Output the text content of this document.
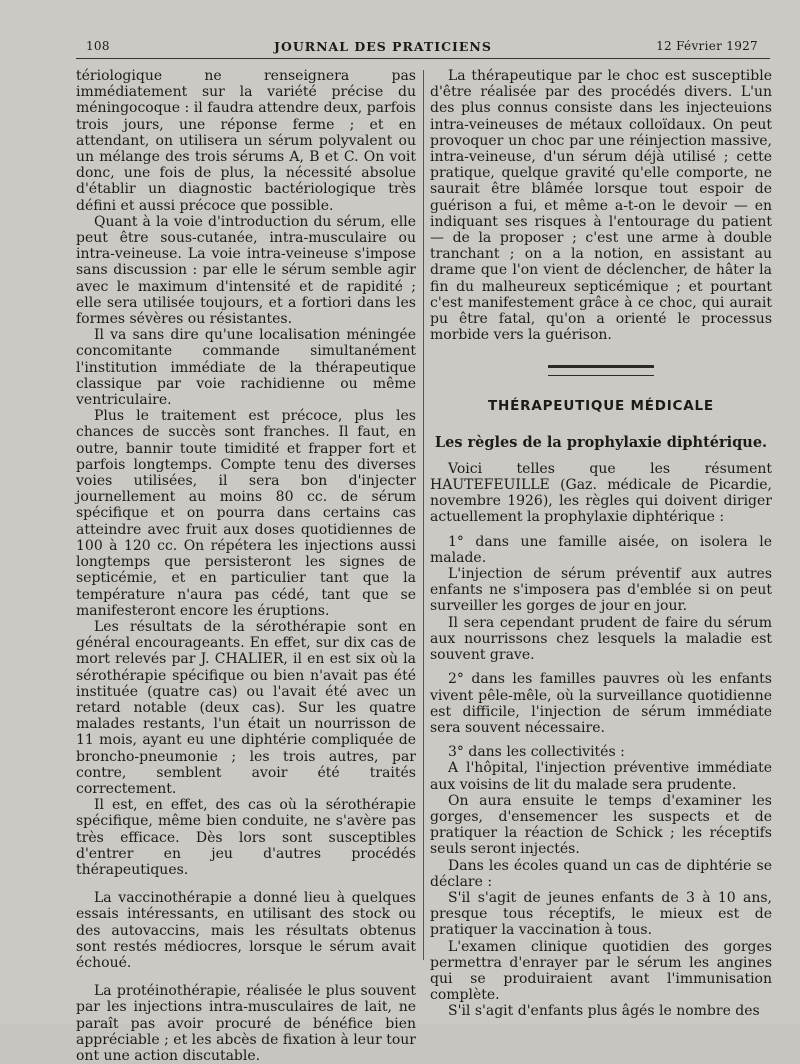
108	JOURNAL DES PRATICIENS	12 Février 1927

tériologique ne renseignera pas immédiatement sur la variété précise du méningocoque : il faudra attendre deux, parfois trois jours, une réponse ferme ; et en attendant, on utilisera un sérum polyvalent ou un mélange des trois sérums A, B et C. On voit donc, une fois de plus, la nécessité absolue d'établir un diagnostic bactériologique très défini et aussi précoce que possible.

Quant à la voie d'introduction du sérum, elle peut être sous-cutanée, intra-musculaire ou intra-veineuse. La voie intra-veineuse s'impose sans discussion : par elle le sérum semble agir avec le maximum d'intensité et de rapidité ; elle sera utilisée toujours, et a fortiori dans les formes sévères ou résistantes.

Il va sans dire qu'une localisation méningée concomitante commande simultanément l'institution immédiate de la thérapeutique classique par voie rachidienne ou même ventriculaire.

Plus le traitement est précoce, plus les chances de succès sont franches. Il faut, en outre, bannir toute timidité et frapper fort et parfois longtemps. Compte tenu des diverses voies utilisées, il sera bon d'injecter journellement au moins 80 cc. de sérum spécifique et on pourra dans certains cas atteindre avec fruit aux doses quotidiennes de 100 à 120 cc. On répétera les injections aussi longtemps que persisteront les signes de septicémie, et en particulier tant que la température n'aura pas cédé, tant que se manifesteront encore les éruptions.

Les résultats de la sérothérapie sont en général encourageants. En effet, sur dix cas de mort relevés par J. CHALIER, il en est six où la sérothérapie spécifique ou bien n'avait pas été instituée (quatre cas) ou l'avait été avec un retard notable (deux cas). Sur les quatre malades restants, l'un était un nourrisson de 11 mois, ayant eu une diphtérie compliquée de broncho-pneumonie ; les trois autres, par contre, semblent avoir été traités correctement.

Il est, en effet, des cas où la sérothérapie spécifique, même bien conduite, ne s'avère pas très efficace. Dès lors sont susceptibles d'entrer en jeu d'autres procédés thérapeutiques.

La vaccinothérapie a donné lieu à quelques essais intéressants, en utilisant des stock ou des autovaccins, mais les résultats obtenus sont restés médiocres, lorsque le sérum avait échoué.

La protéinothérapie, réalisée le plus souvent par les injections intra-musculaires de lait, ne paraît pas avoir procuré de bénéfice bien appréciable ; et les abcès de fixation à leur tour ont une action discutable.

La thérapeutique par le choc est susceptible d'être réalisée par des procédés divers. L'un des plus connus consiste dans les injecteuions intra-veineuses de métaux colloïdaux. On peut provoquer un choc par une réinjection massive, intra-veineuse, d'un sérum déjà utilisé ; cette pratique, quelque gravité qu'elle comporte, ne saurait être blâmée lorsque tout espoir de guérison a fui, et même a-t-on le devoir — en indiquant ses risques à l'entourage du patient — de la proposer ; c'est une arme à double tranchant ; on a la notion, en assistant au drame que l'on vient de déclencher, de hâter la fin du malheureux septicémique ; et pourtant c'est manifestement grâce à ce choc, qui aurait pu être fatal, qu'on a orienté le processus morbide vers la guérison.

THÉRAPEUTIQUE MÉDICALE
Les règles de la prophylaxie diphtérique.

Voici telles que les résument HAUTEFEUILLE (Gaz. médicale de Picardie, novembre 1926), les règles qui doivent diriger actuellement la prophylaxie diphtérique :

1° dans une famille aisée, on isolera le malade.

L'injection de sérum préventif aux autres enfants ne s'imposera pas d'emblée si on peut surveiller les gorges de jour en jour.

Il sera cependant prudent de faire du sérum aux nourrissons chez lesquels la maladie est souvent grave.

2° dans les familles pauvres où les enfants vivent pêle-mêle, où la surveillance quotidienne est difficile, l'injection de sérum immédiate sera souvent nécessaire.

3° dans les collectivités :

A l'hôpital, l'injection préventive immédiate aux voisins de lit du malade sera prudente.

On aura ensuite le temps d'examiner les gorges, d'ensemencer les suspects et de pratiquer la réaction de Schick ; les réceptifs seuls seront injectés.

Dans les écoles quand un cas de diphtérie se déclare :

S'il s'agit de jeunes enfants de 3 à 10 ans, presque tous réceptifs, le mieux est de pratiquer la vaccination à tous.

L'examen clinique quotidien des gorges permettra d'enrayer par le sérum les angines qui se produiraient avant l'immunisation complète.

S'il s'agit d'enfants plus âgés le nombre des
